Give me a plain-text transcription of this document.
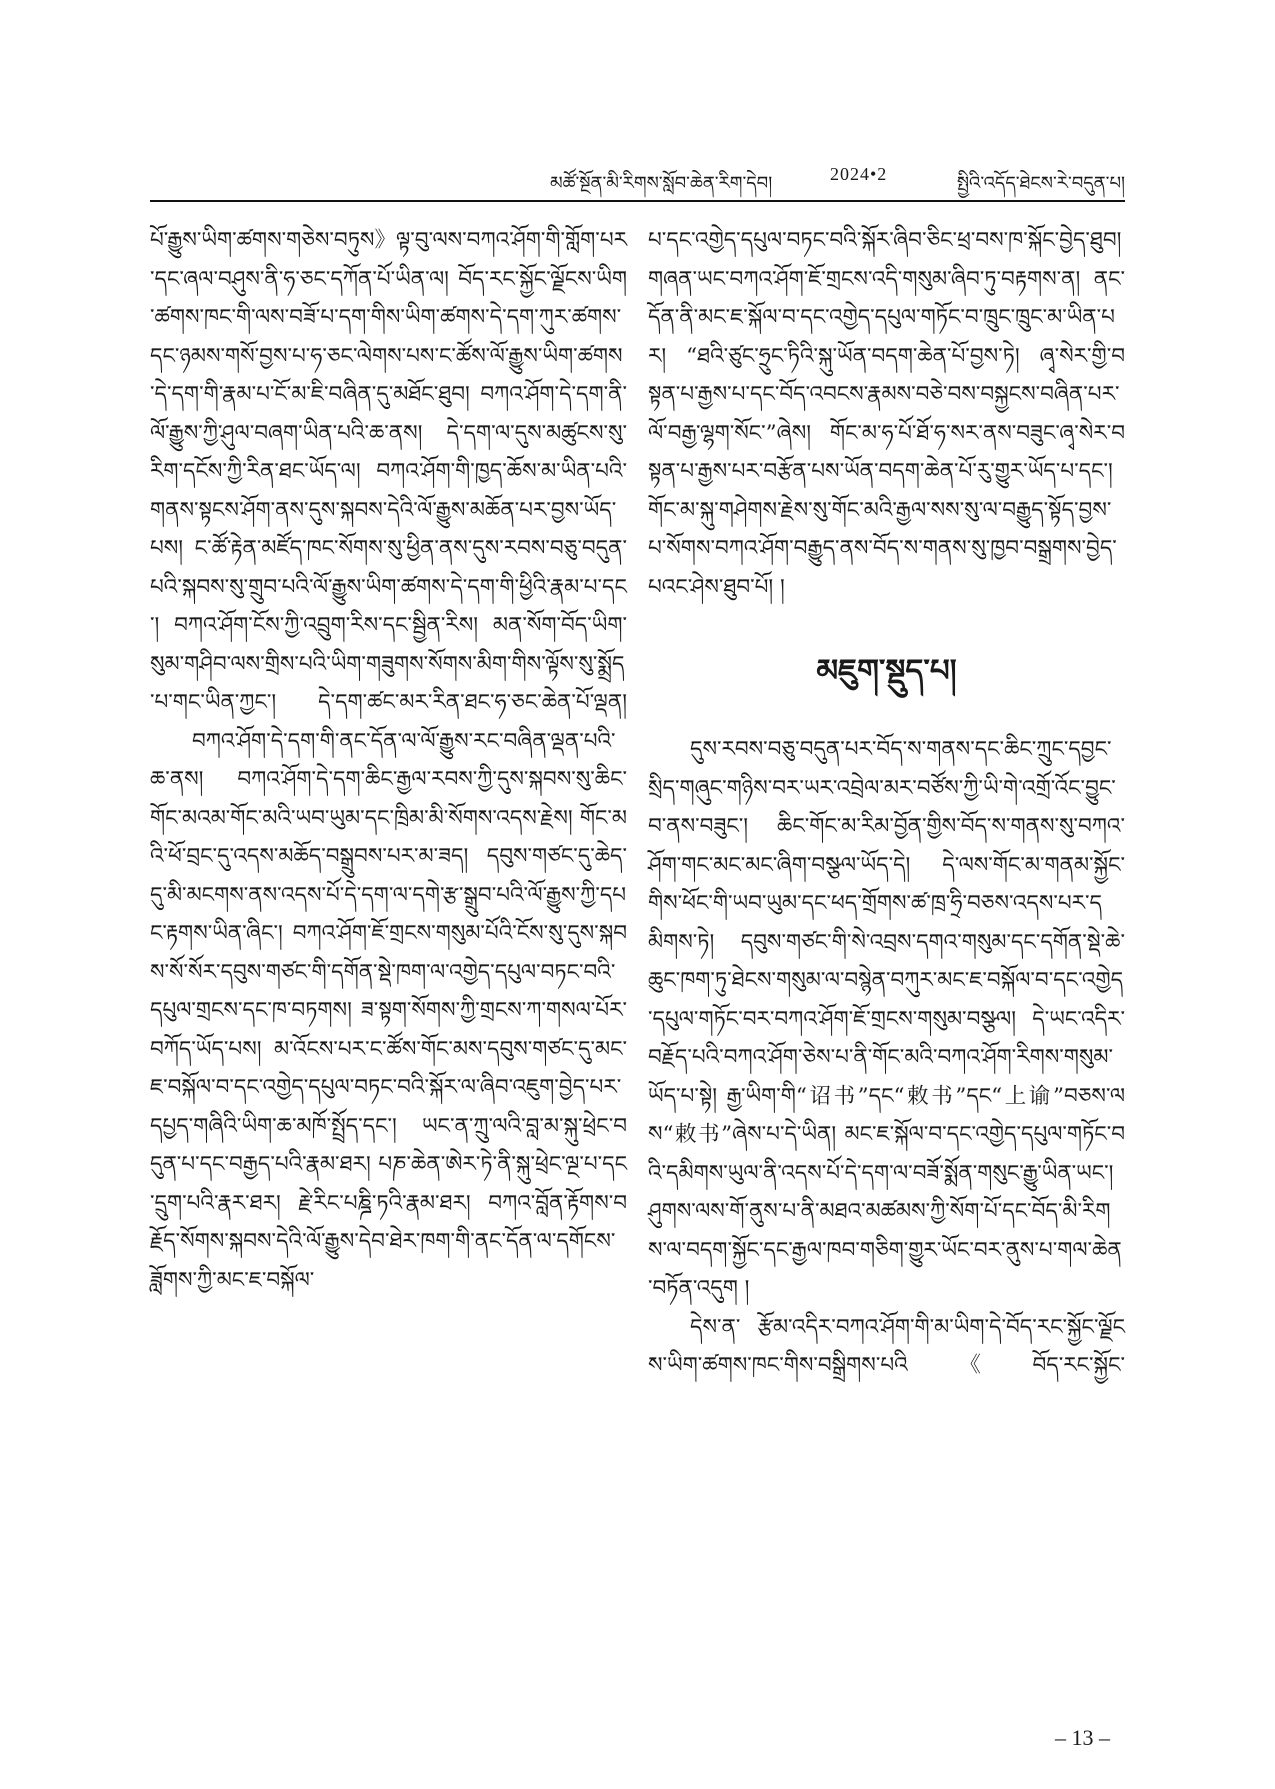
མཚོ་སྔོན་མི་རིགས་སློབ་ཆེན་རིག་དེབ།	2024•2	སྤྱིའི་འདོད་ཐེངས་རེ་བདུན་པ།

པོ་རྒྱུས་ཡིག་ཚགས་གཅེས་བཏུས》ལྟ་བུ་ལས་བཀའ་ཤོག་གི་གློག་པར་དང་ཞལ་བཤུས་ནི་ཧ་ཅང་དཀོན་པོ་ཡིན་ལ། བོད་རང་སྐྱོང་ལྗོངས་ཡིག་ཚགས་ཁང་གི་ལས་བཟོ་པ་དག་གིས་ཡིག་ཚགས་དེ་དག་ཀུར་ཚགས་དང་ཉམས་གསོ་བྱས་པ་ཧ་ཅང་ལེགས་པས་ང་ཚོས་ལོ་རྒྱུས་ཡིག་ཚགས་དེ་དག་གི་རྣམ་པ་ངོ་མ་ཇི་བཞིན་དུ་མཐོང་ཐུབ། བཀའ་ཤོག་དེ་དག་ནི་ལོ་རྒྱུས་ཀྱི་ཤུལ་བཞག་ཡིན་པའི་ཆ་ནས། དེ་དག་ལ་དུས་མཚུངས་སུ་རིག་དངོས་ཀྱི་རིན་ཐང་ཡོད་ལ། བཀའ་ཤོག་གི་ཁྱད་ཆོས་མ་ཡིན་པའི་གནས་སྟངས་ཤོག་ནས་དུས་སྐབས་དེའི་ལོ་རྒྱུས་མཆོན་པར་བྱས་ཡོད་པས། ང་ཚོ་རྟེན་མཛོད་ཁང་སོགས་སུ་ཕྱིན་ནས་དུས་རབས་བཅུ་བདུན་པའི་སྐབས་སུ་གྲུབ་པའི་ལོ་རྒྱུས་ཡིག་ཚགས་དེ་དག་གི་ཕྱིའི་རྣམ་པ་དང་། བཀའ་ཤོག་ངོས་ཀྱི་འབྲུག་རིས་དང་སྦྱིན་རིས། མན་སོག་བོད་ཡིག་སུམ་གཤིབ་ལས་གྲིས་པའི་ཡིག་གཟུགས་སོགས་མིག་གིས་ལྟོས་སུ་སྨྲོད་པ་གང་ཡིན་ཀྱང་། དེ་དག་ཚང་མར་རིན་ཐང་ཧ་ཅང་ཆེན་པོ་ལྡན།

བཀའ་ཤོག་དེ་དག་གི་ནང་དོན་ལ་ལོ་རྒྱུས་རང་བཞིན་ལྡན་པའི་ཆ་ནས། བཀའ་ཤོག་དེ་དག་ཆིང་རྒྱལ་རབས་ཀྱི་དུས་སྐབས་སུ་ཆིང་གོང་མའམ་གོང་མའི་ཡབ་ཡུམ་དང་ཁྲིམ་མི་སོགས་འདས་རྗེས། གོང་མའི་ཕོ་བྲང་དུ་འདས་མཆོད་བསྒྲུབས་པར་མ་ཟད། དབུས་གཙང་དུ་ཆེད་དུ་མི་མངགས་ནས་འདས་པོ་དེ་དག་ལ་དགེ་རྩ་སྒྲུབ་པའི་ལོ་རྒྱུས་ཀྱི་དཔང་རྟགས་ཡིན་ཞིང་། བཀའ་ཤོག་ཇོ་གྲངས་གསུམ་པོའི་ངོས་སུ་དུས་སྐབས་སོ་སོར་དབུས་གཙང་གི་དགོན་སྡེ་ཁག་ལ་འགྱེད་དཔུལ་བཏང་བའི་དཔུལ་གྲངས་དང་ཁ་བཏགས། ཟ་སྟག་སོགས་ཀྱི་གྲངས་ཀ་གསལ་པོར་བཀོད་ཡོད་པས། མ་འོངས་པར་ང་ཚོས་གོང་མས་དབུས་གཙང་དུ་མང་ཇ་བསྐོལ་བ་དང་འགྱེད་དཔུལ་བཏང་བའི་སྐོར་ལ་ཞིབ་འཇུག་བྱེད་པར་དཔྱད་གཞིའི་ཡིག་ཆ་མཁོ་སྤྲོད་དང་། ཡང་ན་ཀྲུ་ལའི་བླ་མ་སྐུ་ཕྲེང་བདུན་པ་དང་བརྒྱད་པའི་རྣམ་ཐར། པཎ་ཆེན་ཨེར་ཏེ་ནི་སྐུ་ཕྲེང་ལྔ་པ་དང་དྲུག་པའི་རྣར་ཐར། རྗེ་རིང་པཎྜི་ཏའི་རྣམ་ཐར། བཀའ་བློན་རྟོགས་བརྗོད་སོགས་སྐབས་དེའི་ལོ་རྒྱུས་དེབ་ཐེར་ཁག་གི་ནང་དོན་ལ་དགོངས་ཟློགས་ཀྱི་མང་ཇ་བསྐོལ་

པ་དང་འགྱེད་དཔུལ་བཏང་བའི་སྐོར་ཞིབ་ཅིང་ཕྲ་བས་ཁ་སྐོང་བྱེད་ཐུབ། གཞན་ཡང་བཀའ་ཤོག་ཇོ་གྲངས་འདི་གསུམ་ཞིབ་ཏུ་བརྟགས་ན། ནང་དོན་ནི་མང་ཇ་སྐོལ་བ་དང་འགྱེད་དཔུལ་གཏོང་བ་ཁྲུང་ཁྲུང་མ་ཡིན་པར། “ཐའི་ཙུང་ཧྲུང་ཏིའི་སྐུ་ཡོན་བདག་ཆེན་པོ་བྱས་ཏེ། ཞྭ་སེར་གྱི་བསྟན་པ་རྒྱས་པ་དང་བོད་འབངས་རྣམས་བཅེ་བས་བསྐྱངས་བཞིན་པར་ལོ་བརྒྱ་ལྷག་སོང་”ཞེས། གོང་མ་ཧ་པོ་ཐོ་ཧ་སར་ནས་བཟུང་ཞྭ་སེར་བསྟན་པ་རྒྱས་པར་བརྩོན་པས་ཡོན་བདག་ཆེན་པོ་རུ་གྱུར་ཡོད་པ་དང་། གོང་མ་སྐུ་གཤེགས་རྗེས་སུ་གོང་མའི་རྒྱལ་སས་སུ་ལ་བརྒྱུད་སྟོད་བྱས་པ་སོགས་བཀའ་ཤོག་བརྒྱུད་ནས་བོད་ས་གནས་སུ་ཁྱབ་བསྒྲགས་བྱེད་པའང་ཤེས་ཐུབ་པོ། །

མཇུག་སྡུད་པ།

དུས་རབས་བཅུ་བདུན་པར་བོད་ས་གནས་དང་ཆིང་ཀྲུང་དབྱང་སྲིད་གཞུང་གཉིས་བར་ཡར་འབྲེལ་མར་བཙོས་ཀྱི་ཡི་གེ་འགྲོ་འོང་བྱུང་བ་ནས་བཟུང་། ཆིང་གོང་མ་རིམ་བྱོན་གྱིས་བོད་ས་གནས་སུ་བཀའ་ཤོག་གང་མང་མང་ཞིག་བསྩལ་ཡོད་དེ། དེ་ལས་གོང་མ་གནམ་སྐྱོང་གིས་ཕོང་གི་ཡབ་ཡུམ་དང་ཕད་གྲོགས་ཚ་ཁྲ་ཧྲི་བཅས་འདས་པར་དམིགས་ཏེ། དབུས་གཙང་གི་སེ་འབྲས་དགའ་གསུམ་དང་དགོན་སྡེ་ཆེ་ཆུང་ཁག་ཏུ་ཐེངས་གསུམ་ལ་བསྙེན་བཀུར་མང་ཇ་བསྐོལ་བ་དང་འགྱེད་དཔུལ་གཏོང་བར་བཀའ་ཤོག་ཇོ་གྲངས་གསུམ་བསྩལ། དེ་ཡང་འདིར་བརྗོད་པའི་བཀའ་ཤོག་ཅེས་པ་ནི་གོང་མའི་བཀའ་ཤོག་རིགས་གསུམ་ཡོད་པ་སྟེ། རྒྱ་ཡིག་གི“诏书”དང“敕书”དང“上谕”བཅས་ལས“敕书”ཞེས་པ་དེ་ཡིན། མང་ཇ་སྐོལ་བ་དང་འགྱེད་དཔུལ་གཏོང་བའི་དམིགས་ཡུལ་ནི་འདས་པོ་དེ་དག་ལ་བཟོ་སྨོན་གསུང་རྒྱུ་ཡིན་ཡང་། ཤུགས་ལས་གོ་ནུས་པ་ནི་མཐའ་མཚམས་ཀྱི་སོག་པོ་དང་བོད་མི་རིགས་ལ་བདག་སྐྱོང་དང་རྒྱལ་ཁབ་གཅིག་གྱུར་ཡོང་བར་ནུས་པ་གལ་ཆེན་བཏོན་འདུག །

དེས་ན་ རྩོམ་འདིར་བཀའ་ཤོག་གི་མ་ཡིག་དེ་བོད་རང་སྐྱོང་ལྗོངས་ཡིག་ཚགས་ཁང་གིས་བསྒྲིགས་པའི《བོད་རང་སྐྱོང་

– 13 –
